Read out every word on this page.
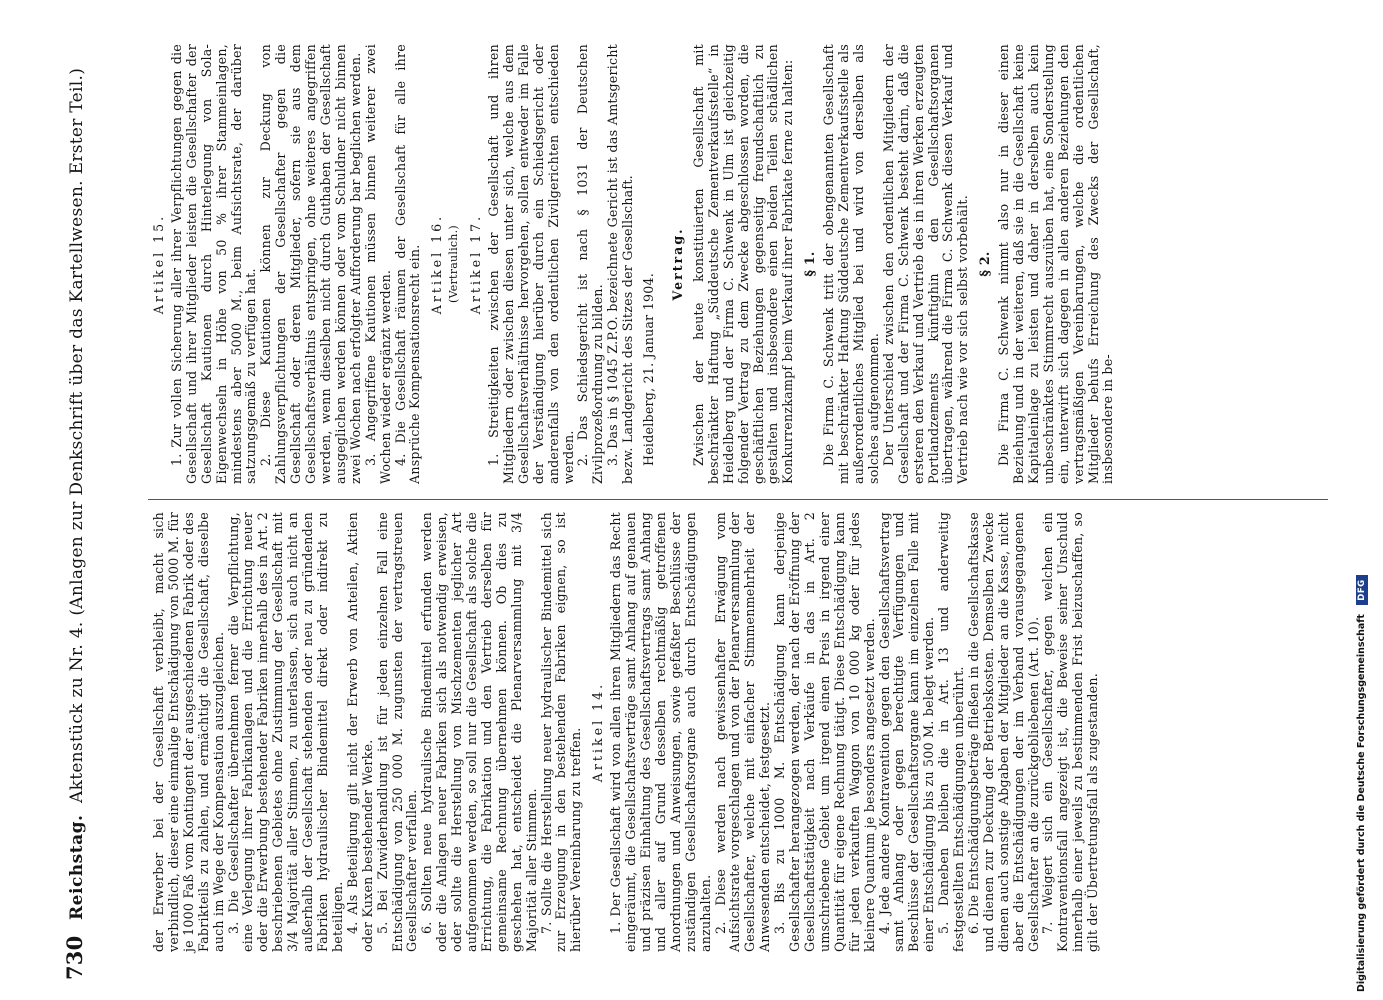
730 Reichstag. Aktenstück zu Nr. 4. (Anlagen zur Denkschrift über das Kartellwesen. Erster Teil.)	der Erwerber bei der Gesellschaft verbleibt, macht sich verbindlich, dieser eine einmalige Entschädigung von 5000 M. für je 1000 Faß vom Kontingent der ausgeschiedenen Fabrik oder des Fabrikteils zu zahlen, und ermächtigt die Gesellschaft, dieselbe auch im Wege der Kompensation auszugleichen. 3. Die Gesellschafter übernehmen ferner die Verpflichtung, eine Verlegung ihrer Fabrikanlagen und die Errichtung neuer oder die Erwerbung bestehender Fabriken innerhalb des in Art. 2 beschriebenen Gebietes ohne Zustimmung der Gesellschaft mit 3/4 Majorität aller Stimmen, zu unterlassen, sich auch nicht an außerhalb der Gesellschaft stehenden oder neu zu gründenden Fabriken hydraulischer Bindemittel direkt oder indirekt zu beteiligen. 4. Als Beteiligung gilt nicht der Erwerb von Anteilen, Aktien oder Kuxen bestehender Werke. 5. Bei Zuwiderhandlung ist für jeden einzelnen Fall eine Entschädigung von 250 000 M. zugunsten der vertragstreuen Gesellschafter verfallen. 6. Sollten neue hydraulische Bindemittel erfunden werden oder die Anlagen neuer Fabriken sich als notwendig erweisen, oder sollte die Herstellung von Mischzementen jeglicher Art aufgenommen werden, so soll nur die Gesellschaft als solche die Errichtung, die Fabrikation und den Vertrieb derselben für gemeinsame Rechnung übernehmen können. Ob dies zu geschehen hat, entscheidet die Plenarversammlung mit 3/4 Majorität aller Stimmen. 7. Sollte die Herstellung neuer hydraulischer Bindemittel sich zur Erzeugung in den bestehenden Fabriken eignen, so ist hierüber Vereinbarung zu treffen. Artikel 14. 1. Der Gesellschaft wird von allen ihren Mitgliedern das Recht eingeräumt, die Gesellschaftsverträge samt Anhang auf genauen und präzisen Einhaltung des Gesellschaftsvertrags samt Anhang und aller auf Grund desselben rechtmäßig getroffenen Anordnungen und Anweisungen, sowie gefaßter Beschlüsse der zuständigen Gesellschaftsorgane auch durch Entschädigungen anzuhalten. 2. Diese werden nach gewissenhafter Erwägung vom Aufsichtsrate vorgeschlagen und von der Plenarversammlung der Gesellschafter, welche mit einfacher Stimmenmehrheit der Anwesenden entscheidet, festgesetzt. 3. Bis zu 1000 M. Entschädigung kann derjenige Gesellschafter herangezogen werden, der nach der Eröffnung der Gesellschaftstätigkeit nach Verkäufe in das in Art. 2 umschriebene Gebiet um irgend einen Preis in irgend einer Quantität für eigene Rechnung tätigt. Diese Entschädigung kann für jeden verkauften Waggon von 10 000 kg oder für jedes kleinere Quantum je besonders angesetzt werden. 4. Jede andere Kontravention gegen den Gesellschaftsvertrag samt Anhang oder gegen berechtigte Verfügungen und Beschlüsse der Gesellschaftsorgane kann im einzelnen Falle mit einer Entschädigung bis zu 500 M. belegt werden. 5. Daneben bleiben die in Art. 13 und anderweitig festgestellten Entschädigungen unberührt. 6. Die Entschädigungsbeträge fließen in die Gesellschaftskasse und dienen zur Deckung der Betriebskosten. Demselben Zwecke dienen auch sonstige Abgaben der Mitglieder an die Kasse, nicht aber die Entschädigungen der im Verband vorausgegangenen Gesellschafter an die zurückgebliebenen (Art. 10). 7. Weigert sich ein Gesellschafter, gegen welchen ein Kontraventionsfall angezeigt ist, die Beweise seiner Unschuld innerhalb einer jeweils zu bestimmenden Frist beizuschaffen, so gilt der Übertretungsfall als zugestanden.

Artikel 15. 1. Zur vollen Sicherung aller ihrer Verpflichtungen gegen die Gesellschaft und ihrer Mitglieder leisten die Gesellschafter der Gesellschaft Kautionen durch Hinterlegung von Sola-Eigenwechseln in Höhe von 50 % ihrer Stammeinlagen, mindestens aber 5000 M., beim Aufsichtsrate, der darüber satzungsgemäß zu verfügen hat. 2. Diese Kautionen können zur Deckung von Zahlungsverpflichtungen der Gesellschafter gegen die Gesellschaft oder deren Mitglieder, sofern sie aus dem Gesellschaftsverhältnis entspringen, ohne weiteres angegriffen werden, wenn dieselben nicht durch Guthaben der Gesellschaft ausgeglichen werden können oder vom Schuldner nicht binnen zwei Wochen nach erfolgter Aufforderung bar beglichen werden. 3. Angegriffene Kautionen müssen binnen weiterer zwei Wochen wieder ergänzt werden. 4. Die Gesellschaft räumen der Gesellschaft für alle ihre Ansprüche Kompensationsrecht ein. Artikel 16. (Vertraulich.) Artikel 17. 1. Streitigkeiten zwischen der Gesellschaft und ihren Mitgliedern oder zwischen diesen unter sich, welche aus dem Gesellschaftsverhältnisse hervorgehen, sollen entweder im Falle der Verständigung hierüber durch ein Schiedsgericht oder anderenfalls von den ordentlichen Zivilgerichten entschieden werden. 2. Das Schiedsgericht ist nach § 1031 der Deutschen Zivilprozeßordnung zu bilden. 3. Das in § 1045 Z.P.O. bezeichnete Gericht ist das Amtsgericht bezw. Landgericht des Sitzes der Gesellschaft. Heidelberg, 21. Januar 1904.

Vertrag. Zwischen der heute konstituierten Gesellschaft mit beschränkter Haftung „Süddeutsche Zementverkaufsstelle“ in Heidelberg und der Firma C. Schwenk in Ulm ist gleichzeitig folgender Vertrag zu dem Zwecke abgeschlossen worden, die geschäftlichen Beziehungen gegenseitig freundschaftlich zu gestalten und insbesondere einen beiden Teilen schädlichen Konkurrenzkampf beim Verkauf ihrer Fabrikate ferne zu halten: § 1. Die Firma C. Schwenk tritt der obengenannten Gesellschaft mit beschränkter Haftung Süddeutsche Zementverkaufsstelle als außerordentliches Mitglied bei und wird von derselben als solches aufgenommen. Der Unterschied zwischen den ordentlichen Mitgliedern der Gesellschaft und der Firma C. Schwenk besteht darin, daß die ersteren den Verkauf und Vertrieb des in ihren Werken erzeugten Portlandzements künftighin den Gesellschaftsorganen übertragen, während die Firma C. Schwenk diesen Verkauf und Vertrieb nach wie vor sich selbst vorbehält. § 2. Die Firma C. Schwenk nimmt also nur in dieser einen Beziehung und in der weiteren, daß sie in die Gesellschaft keine Kapitaleinlage zu leisten und daher in derselben auch kein unbeschränktes Stimmrecht auszuüben hat, eine Sonderstellung ein, unterwirft sich dagegen in allen anderen Beziehungen den vertragsmäßigen Vereinbarungen, welche die ordentlichen Mitglieder behufs Erreichung des Zwecks der Gesellschaft, insbesondere in be-

Digitalisierung gefördert durch die Deutsche Forschungsgemeinschaft DFG
